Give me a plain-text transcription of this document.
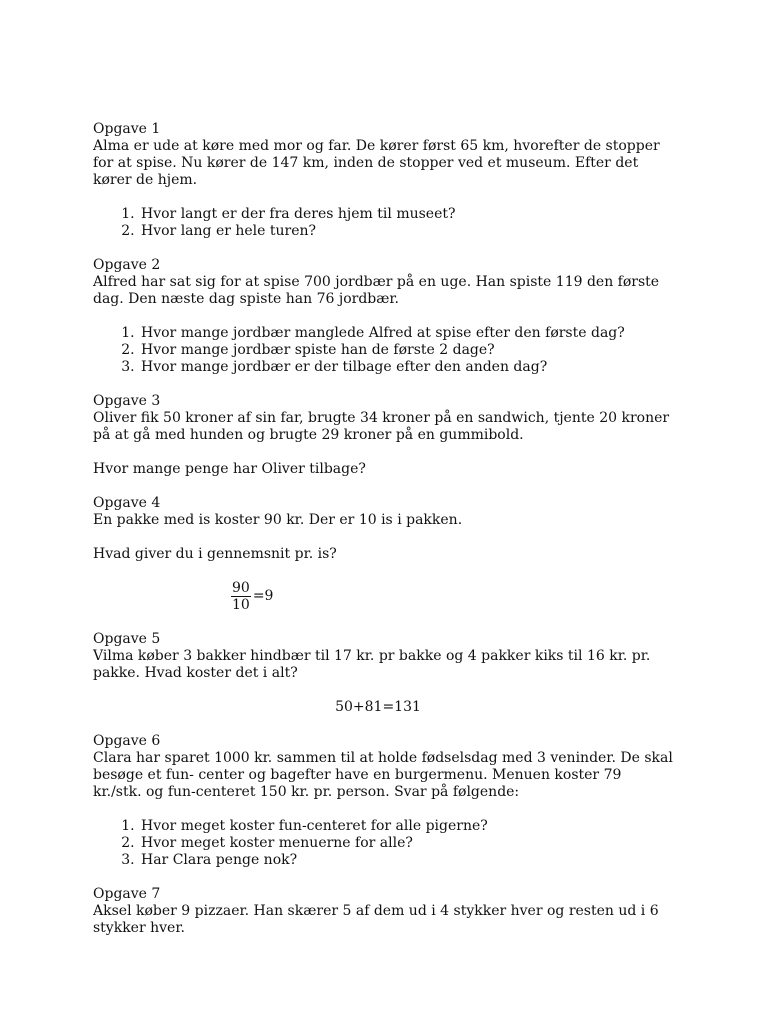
Opgave 1
Alma er ude at køre med mor og far. De kører først 65 km, hvorefter de stopper for at spise. Nu kører de 147 km, inden de stopper ved et museum. Efter det kører de hjem.
1. Hvor langt er der fra deres hjem til museet?
2. Hvor lang er hele turen?
Opgave 2
Alfred har sat sig for at spise 700 jordbær på en uge. Han spiste 119 den første dag. Den næste dag spiste han 76 jordbær.
1. Hvor mange jordbær manglede Alfred at spise efter den første dag?
2. Hvor mange jordbær spiste han de første 2 dage?
3. Hvor mange jordbær er der tilbage efter den anden dag?
Opgave 3
Oliver fik 50 kroner af sin far, brugte 34 kroner på en sandwich, tjente 20 kroner på at gå med hunden og brugte 29 kroner på en gummibold.
Hvor mange penge har Oliver tilbage?
Opgave 4
En pakke med is koster 90 kr. Der er 10 is i pakken.
Hvad giver du i gennemsnit pr. is?
$\frac{90}{10} =9$
Opgave 5
Vilma køber 3 bakker hindbær til 17 kr. pr bakke og 4 pakker kiks til 16 kr. pr. pakke. Hvad koster det i alt?
50+81=131
Opgave 6
Clara har sparet 1000 kr. sammen til at holde fødselsdag med 3 veninder. De skal besøge et fun- center og bagefter have en burgermenu. Menuen koster 79 kr./stk. og fun-centeret 150 kr. pr. person. Svar på følgende:
1. Hvor meget koster fun-centeret for alle pigerne?
2. Hvor meget koster menuerne for alle?
3. Har Clara penge nok?
Opgave 7
Aksel køber 9 pizzaer. Han skærer 5 af dem ud i 4 stykker hver og resten ud i 6 stykker hver.
